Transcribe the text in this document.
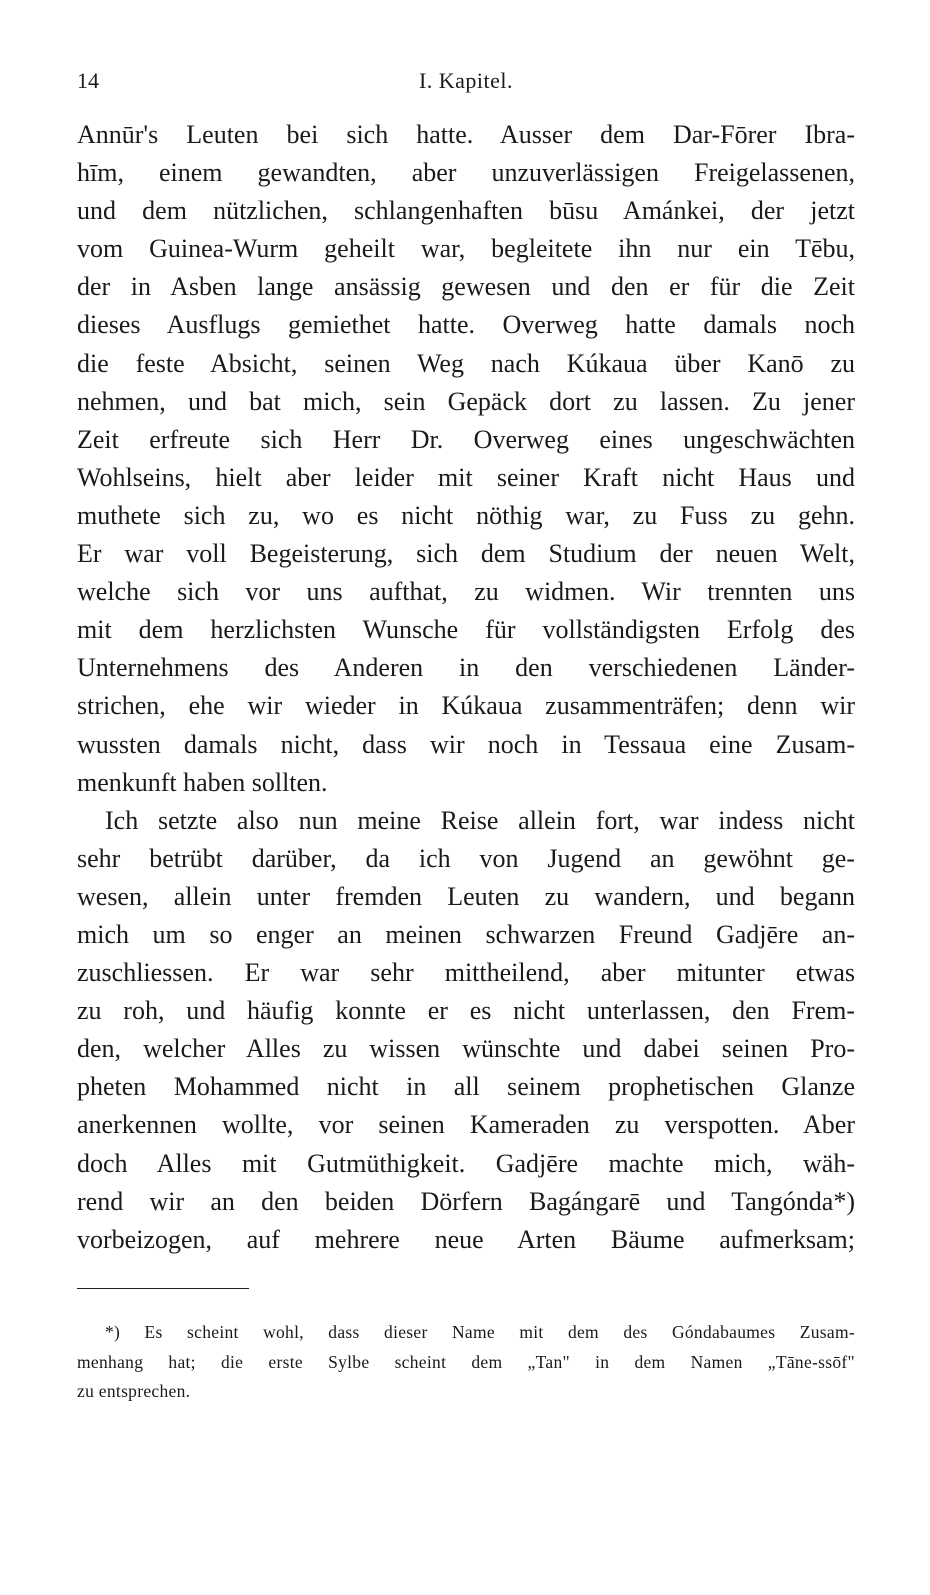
14	I. Kapitel.
Annūr's Leuten bei sich hatte. Ausser dem Dar-Fōrer Ibra-
hīm, einem gewandten, aber unzuverlässigen Freigelassenen,
und dem nützlichen, schlangenhaften būsu Amánkei, der jetzt
vom Guinea-Wurm geheilt war, begleitete ihn nur ein Tēbu,
der in Asben lange ansässig gewesen und den er für die Zeit
dieses Ausflugs gemiethet hatte. Overweg hatte damals noch
die feste Absicht, seinen Weg nach Kúkaua über Kanō zu
nehmen, und bat mich, sein Gepäck dort zu lassen. Zu jener
Zeit erfreute sich Herr Dr. Overweg eines ungeschwächten
Wohlseins, hielt aber leider mit seiner Kraft nicht Haus und
muthete sich zu, wo es nicht nöthig war, zu Fuss zu gehn.
Er war voll Begeisterung, sich dem Studium der neuen Welt,
welche sich vor uns aufthat, zu widmen. Wir trennten uns
mit dem herzlichsten Wunsche für vollständigsten Erfolg des
Unternehmens des Anderen in den verschiedenen Länder-
strichen, ehe wir wieder in Kúkaua zusammenträfen; denn wir
wussten damals nicht, dass wir noch in Tessaua eine Zusam-
menkunft haben sollten.
Ich setzte also nun meine Reise allein fort, war indess nicht
sehr betrübt darüber, da ich von Jugend an gewöhnt ge-
wesen, allein unter fremden Leuten zu wandern, und begann
mich um so enger an meinen schwarzen Freund Gadjēre an-
zuschliessen. Er war sehr mittheilend, aber mitunter etwas
zu roh, und häufig konnte er es nicht unterlassen, den Frem-
den, welcher Alles zu wissen wünschte und dabei seinen Pro-
pheten Mohammed nicht in all seinem prophetischen Glanze
anerkennen wollte, vor seinen Kameraden zu verspotten. Aber
doch Alles mit Gutmüthigkeit. Gadjēre machte mich, wäh-
rend wir an den beiden Dörfern Bagángarē und Tangónda*)
vorbeizogen, auf mehrere neue Arten Bäume aufmerksam;
*) Es scheint wohl, dass dieser Name mit dem des Góndabaumes Zusam-
menhang hat; die erste Sylbe scheint dem „Tan" in dem Namen „Tāne-ssōf"
zu entsprechen.
